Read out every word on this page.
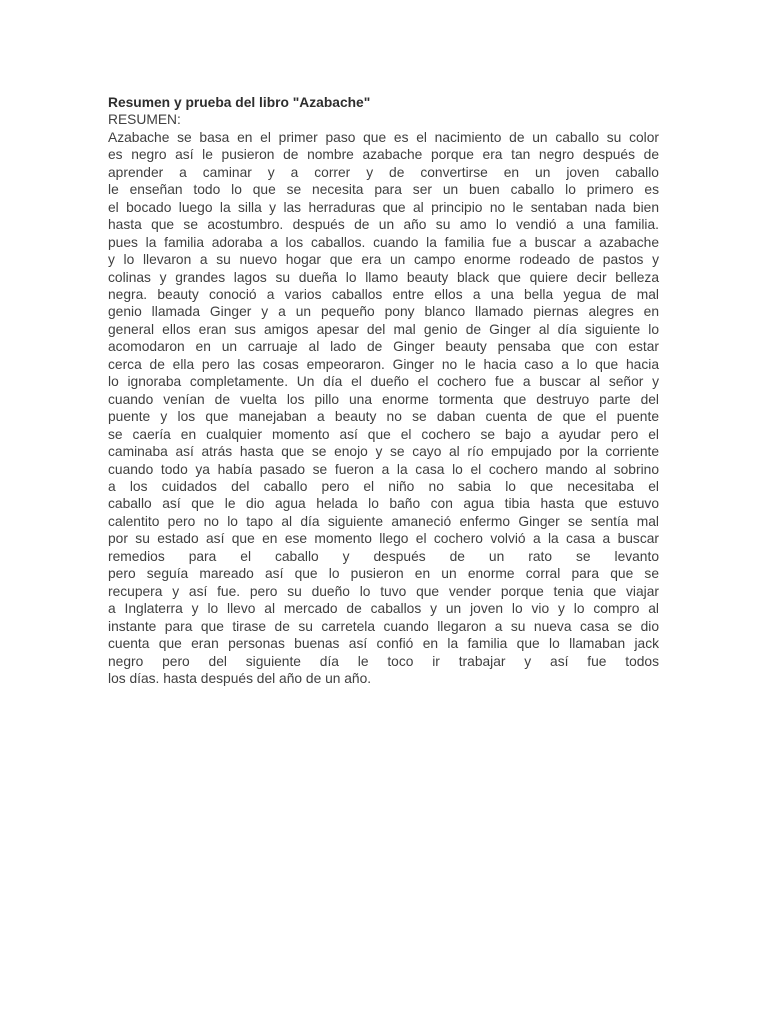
Resumen y prueba del libro "Azabache"
RESUMEN:
Azabache se basa en el primer paso que es el nacimiento de un caballo su color
es negro así le pusieron de nombre azabache porque era tan negro después de
aprender a caminar y a correr y de convertirse en un joven caballo
le enseñan todo lo que se necesita para ser un buen caballo lo primero es
el bocado luego la silla y las herraduras que al principio no le sentaban nada bien
hasta que se acostumbro. después de un año su amo lo vendió a una familia.
pues la familia adoraba a los caballos. cuando la familia fue a buscar a azabache
y lo llevaron a su nuevo hogar que era un campo enorme rodeado de pastos y
colinas y grandes lagos su dueña lo llamo beauty black que quiere decir belleza
negra. beauty conoció a varios caballos entre ellos a una bella yegua de mal
genio llamada Ginger y a un pequeño pony blanco llamado piernas alegres en
general ellos eran sus amigos apesar del mal genio de Ginger al día siguiente lo
acomodaron en un carruaje al lado de Ginger beauty pensaba que con estar
cerca de ella pero las cosas empeoraron. Ginger no le hacia caso a lo que hacia
lo ignoraba completamente. Un día el dueño el cochero fue a buscar al señor y
cuando venían de vuelta los pillo una enorme tormenta que destruyo parte del
puente y los que manejaban a beauty no se daban cuenta de que el puente
se caería en cualquier momento así que el cochero se bajo a ayudar pero el
caminaba así atrás hasta que se enojo y se cayo al río empujado por la corriente
cuando todo ya había pasado se fueron a la casa lo el cochero mando al sobrino
a los cuidados del caballo pero el niño no sabia lo que necesitaba el
caballo así que le dio agua helada lo baño con agua tibia hasta que estuvo
calentito pero no lo tapo al día siguiente amaneció enfermo Ginger se sentía mal
por su estado así que en ese momento llego el cochero volvió a la casa a buscar
remedios para el caballo y después de un rato se levanto
pero seguía mareado así que lo pusieron en un enorme corral para que se
recupera y así fue. pero su dueño lo tuvo que vender porque tenia que viajar
a Inglaterra y lo llevo al mercado de caballos y un joven lo vio y lo compro al
instante para que tirase de su carretela cuando llegaron a su nueva casa se dio
cuenta que eran personas buenas así confió en la familia que lo llamaban jack
negro pero del siguiente día le toco ir trabajar y así fue todos
los días. hasta después del año de un año.
